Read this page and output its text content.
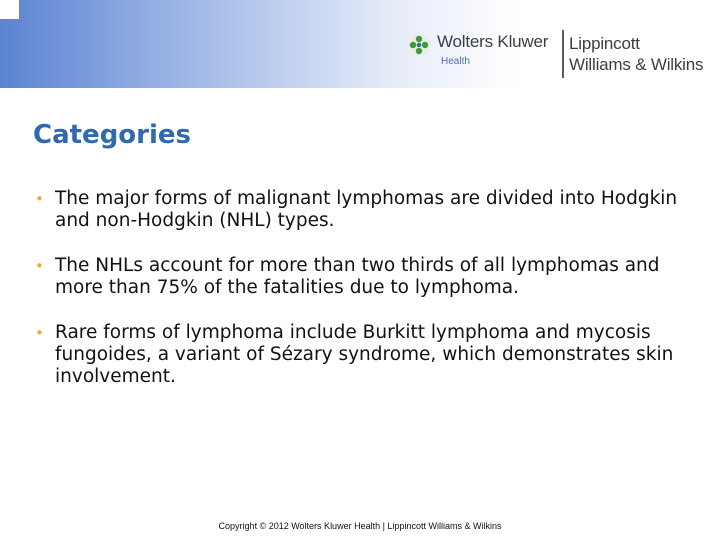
Wolters Kluwer
Health
Lippincott
Williams & Wilkins
Categories
• The major forms of malignant lymphomas are divided into Hodgkin and non-Hodgkin (NHL) types.
• The NHLs account for more than two thirds of all lymphomas and more than 75% of the fatalities due to lymphoma.
• Rare forms of lymphoma include Burkitt lymphoma and mycosis fungoides, a variant of Sézary syndrome, which demonstrates skin involvement.
Copyright © 2012 Wolters Kluwer Health | Lippincott Williams & Wilkins
